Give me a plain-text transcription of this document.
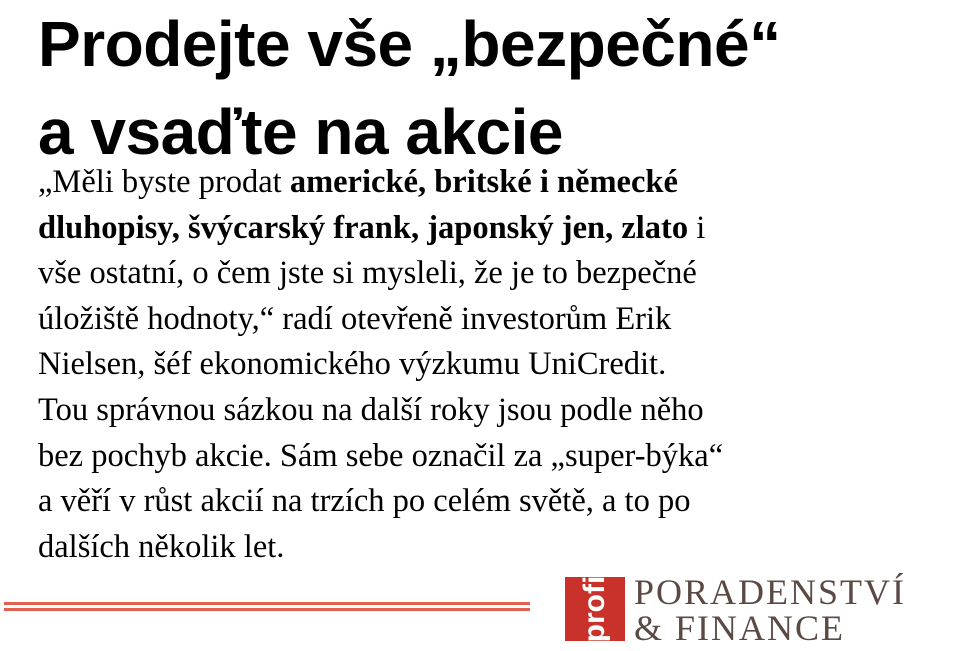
Prodejte vše „bezpečné“
a vsaďte na akcie

„Měli byste prodat americké, britské i německé
dluhopisy, švýcarský frank, japonský jen, zlato i
vše ostatní, o čem jste si mysleli, že je to bezpečné
úložiště hodnoty,“ radí otevřeně investorům Erik
Nielsen, šéf ekonomického výzkumu UniCredit.
Tou správnou sázkou na další roky jsou podle něho
bez pochyb akcie. Sám sebe označil za „super-býka“
a věří v růst akcií na trzích po celém světě, a to po
dalších několik let.

profi PORADENSTVÍ
& FINANCE
